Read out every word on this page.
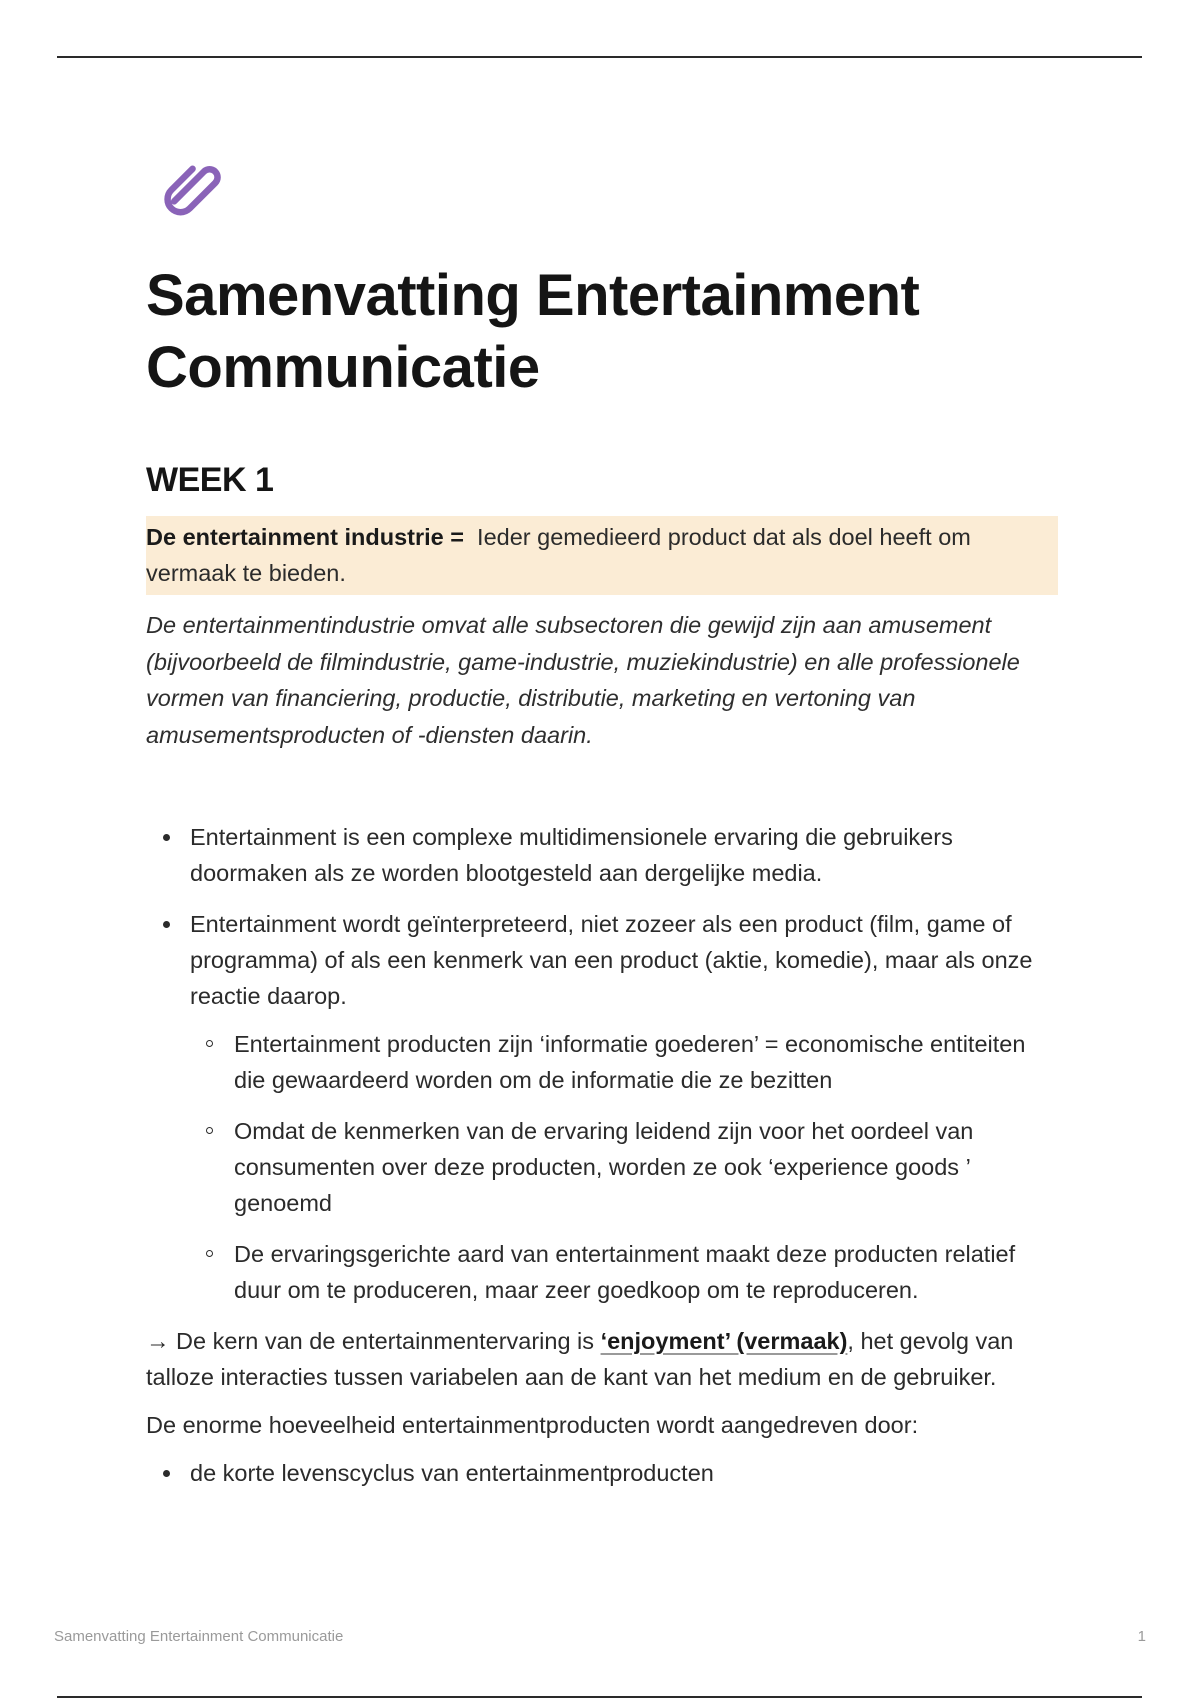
Samenvatting Entertainment Communicatie
WEEK 1
De entertainment industrie = Ieder gemedieerd product dat als doel heeft om vermaak te bieden.
De entertainmentindustrie omvat alle subsectoren die gewijd zijn aan amusement (bijvoorbeeld de filmindustrie, game-industrie, muziekindustrie) en alle professionele vormen van financiering, productie, distributie, marketing en vertoning van amusementsproducten of -diensten daarin.
Entertainment is een complexe multidimensionele ervaring die gebruikers doormaken als ze worden blootgesteld aan dergelijke media.
Entertainment wordt geïnterpreteerd, niet zozeer als een product (film, game of programma) of als een kenmerk van een product (aktie, komedie), maar als onze reactie daarop.
Entertainment producten zijn ‘informatie goederen’ = economische entiteiten die gewaardeerd worden om de informatie die ze bezitten
Omdat de kenmerken van de ervaring leidend zijn voor het oordeel van consumenten over deze producten, worden ze ook ‘experience goods ’ genoemd
De ervaringsgerichte aard van entertainment maakt deze producten relatief duur om te produceren, maar zeer goedkoop om te reproduceren.

→ De kern van de entertainmentervaring is ‘enjoyment’ (vermaak), het gevolg van talloze interacties tussen variabelen aan de kant van het medium en de gebruiker.

De enorme hoeveelheid entertainmentproducten wordt aangedreven door:

de korte levenscyclus van entertainmentproducten
Samenvatting Entertainment Communicatie	1
